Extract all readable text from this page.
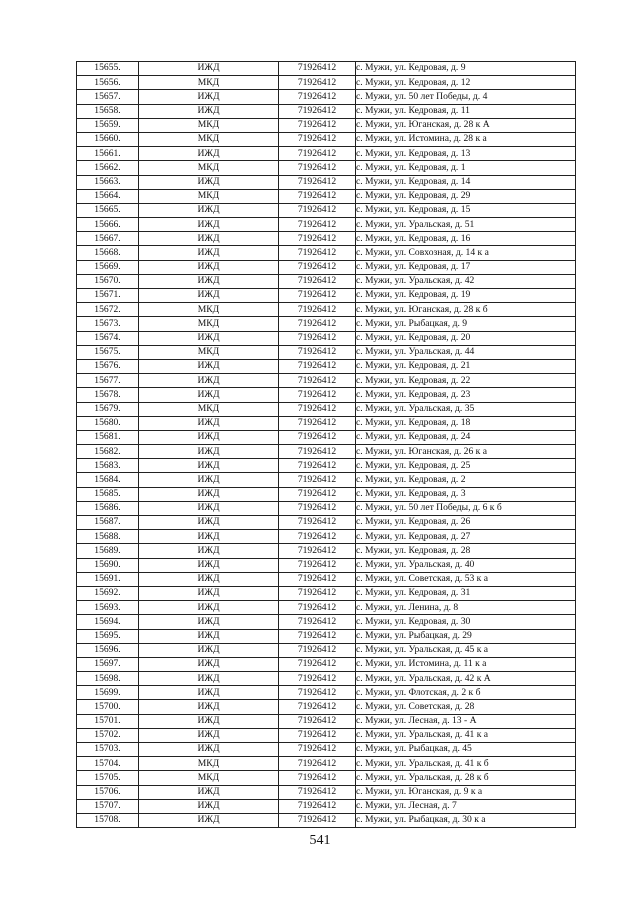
15655.	ИЖД	71926412	с. Мужи, ул. Кедровая, д. 9
15656.	МКД	71926412	с. Мужи, ул. Кедровая, д. 12
15657.	ИЖД	71926412	с. Мужи, ул. 50 лет Победы, д. 4
15658.	ИЖД	71926412	с. Мужи, ул. Кедровая, д. 11
15659.	МКД	71926412	с. Мужи, ул. Юганская, д. 28 к А
15660.	МКД	71926412	с. Мужи, ул. Истомина, д. 28 к а
15661.	ИЖД	71926412	с. Мужи, ул. Кедровая, д. 13
15662.	МКД	71926412	с. Мужи, ул. Кедровая, д. 1
15663.	ИЖД	71926412	с. Мужи, ул. Кедровая, д. 14
15664.	МКД	71926412	с. Мужи, ул. Кедровая, д. 29
15665.	ИЖД	71926412	с. Мужи, ул. Кедровая, д. 15
15666.	ИЖД	71926412	с. Мужи, ул. Уральская, д. 51
15667.	ИЖД	71926412	с. Мужи, ул. Кедровая, д. 16
15668.	ИЖД	71926412	с. Мужи, ул. Совхозная, д. 14 к а
15669.	ИЖД	71926412	с. Мужи, ул. Кедровая, д. 17
15670.	ИЖД	71926412	с. Мужи, ул. Уральская, д. 42
15671.	ИЖД	71926412	с. Мужи, ул. Кедровая, д. 19
15672.	МКД	71926412	с. Мужи, ул. Юганская, д. 28 к б
15673.	МКД	71926412	с. Мужи, ул. Рыбацкая, д. 9
15674.	ИЖД	71926412	с. Мужи, ул. Кедровая, д. 20
15675.	МКД	71926412	с. Мужи, ул. Уральская, д. 44
15676.	ИЖД	71926412	с. Мужи, ул. Кедровая, д. 21
15677.	ИЖД	71926412	с. Мужи, ул. Кедровая, д. 22
15678.	ИЖД	71926412	с. Мужи, ул. Кедровая, д. 23
15679.	МКД	71926412	с. Мужи, ул. Уральская, д. 35
15680.	ИЖД	71926412	с. Мужи, ул. Кедровая, д. 18
15681.	ИЖД	71926412	с. Мужи, ул. Кедровая, д. 24
15682.	ИЖД	71926412	с. Мужи, ул. Юганская, д. 26 к а
15683.	ИЖД	71926412	с. Мужи, ул. Кедровая, д. 25
15684.	ИЖД	71926412	с. Мужи, ул. Кедровая, д. 2
15685.	ИЖД	71926412	с. Мужи, ул. Кедровая, д. 3
15686.	ИЖД	71926412	с. Мужи, ул. 50 лет Победы, д. 6 к б
15687.	ИЖД	71926412	с. Мужи, ул. Кедровая, д. 26
15688.	ИЖД	71926412	с. Мужи, ул. Кедровая, д. 27
15689.	ИЖД	71926412	с. Мужи, ул. Кедровая, д. 28
15690.	ИЖД	71926412	с. Мужи, ул. Уральская, д. 40
15691.	ИЖД	71926412	с. Мужи, ул. Советская, д. 53 к а
15692.	ИЖД	71926412	с. Мужи, ул. Кедровая, д. 31
15693.	ИЖД	71926412	с. Мужи, ул. Ленина, д. 8
15694.	ИЖД	71926412	с. Мужи, ул. Кедровая, д. 30
15695.	ИЖД	71926412	с. Мужи, ул. Рыбацкая, д. 29
15696.	ИЖД	71926412	с. Мужи, ул. Уральская, д. 45 к а
15697.	ИЖД	71926412	с. Мужи, ул. Истомина, д. 11 к а
15698.	ИЖД	71926412	с. Мужи, ул. Уральская, д. 42 к А
15699.	ИЖД	71926412	с. Мужи, ул. Флотская, д. 2 к б
15700.	ИЖД	71926412	с. Мужи, ул. Советская, д. 28
15701.	ИЖД	71926412	с. Мужи, ул. Лесная, д. 13 - А
15702.	ИЖД	71926412	с. Мужи, ул. Уральская, д. 41 к а
15703.	ИЖД	71926412	с. Мужи, ул. Рыбацкая, д. 45
15704.	МКД	71926412	с. Мужи, ул. Уральская, д. 41 к б
15705.	МКД	71926412	с. Мужи, ул. Уральская, д. 28 к б
15706.	ИЖД	71926412	с. Мужи, ул. Юганская, д. 9 к а
15707.	ИЖД	71926412	с. Мужи, ул. Лесная, д. 7
15708.	ИЖД	71926412	с. Мужи, ул. Рыбацкая, д. 30 к а
541
